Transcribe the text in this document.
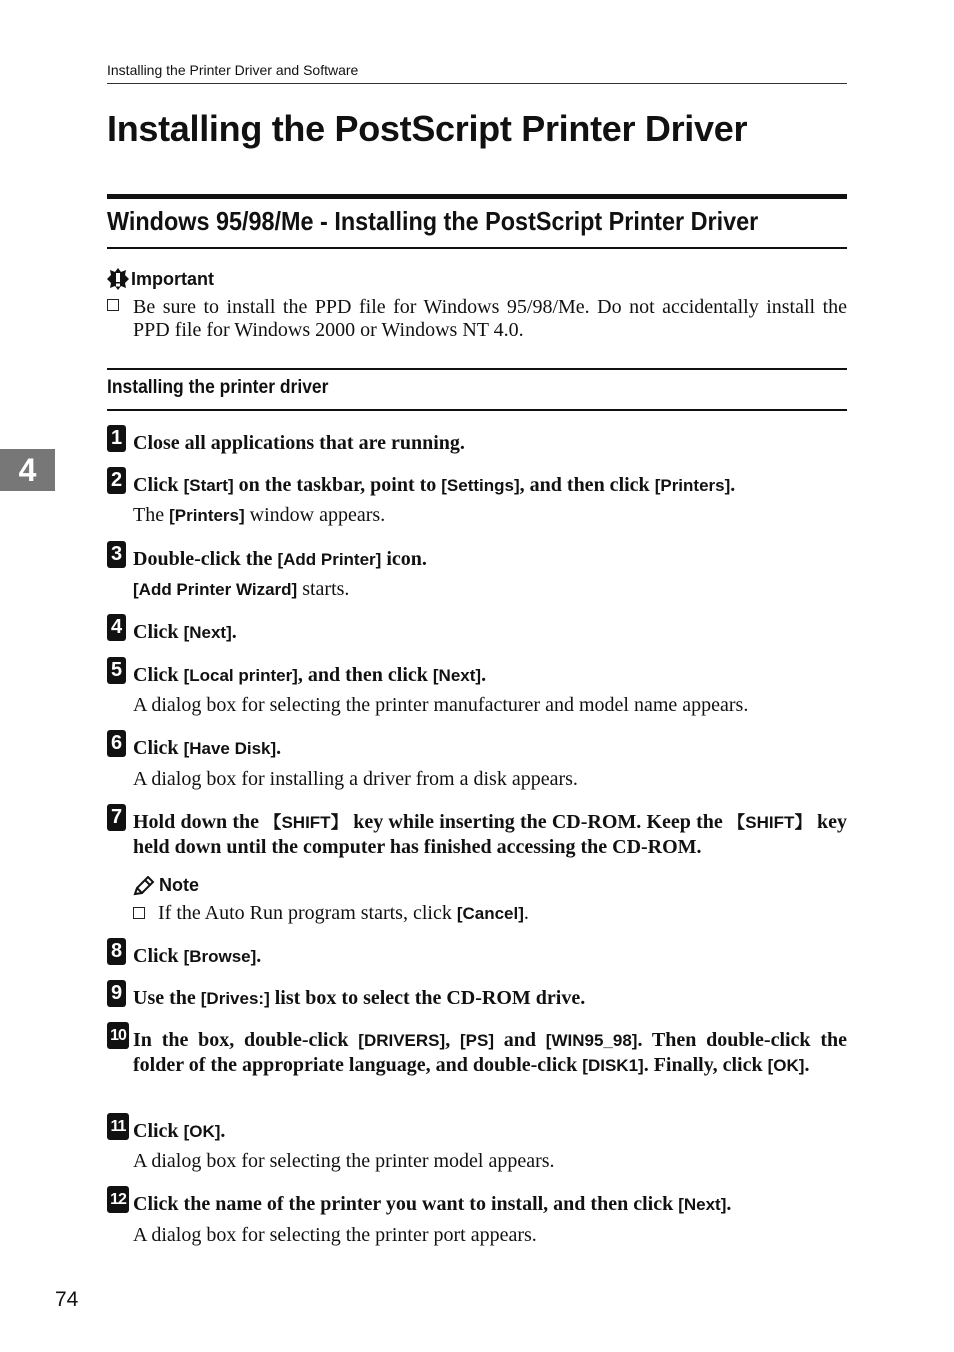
Installing the Printer Driver and Software
Installing the PostScript Printer Driver
Windows 95/98/Me - Installing the PostScript Printer Driver
Important
Be sure to install the PPD file for Windows 95/98/Me. Do not accidentally install the PPD file for Windows 2000 or Windows NT 4.0.
Installing the printer driver
4
1 Close all applications that are running.
2 Click [Start] on the taskbar, point to [Settings], and then click [Printers].
The [Printers] window appears.
3 Double-click the [Add Printer] icon.
[Add Printer Wizard] starts.
4 Click [Next].
5 Click [Local printer], and then click [Next].
A dialog box for selecting the printer manufacturer and model name appears.
6 Click [Have Disk].
A dialog box for installing a driver from a disk appears.
7 Hold down the 【SHIFT】 key while inserting the CD-ROM. Keep the 【SHIFT】 key held down until the computer has finished accessing the CD-ROM.
8 Click [Browse].
9 Use the [Drives:] list box to select the CD-ROM drive.
10 In the box, double-click [DRIVERS], [PS] and [WIN95_98]. Then double-click the folder of the appropriate language, and double-click [DISK1]. Finally, click [OK].
11 Click [OK].
A dialog box for selecting the printer model appears.
12 Click the name of the printer you want to install, and then click [Next].
A dialog box for selecting the printer port appears.
Note
If the Auto Run program starts, click [Cancel].
74
